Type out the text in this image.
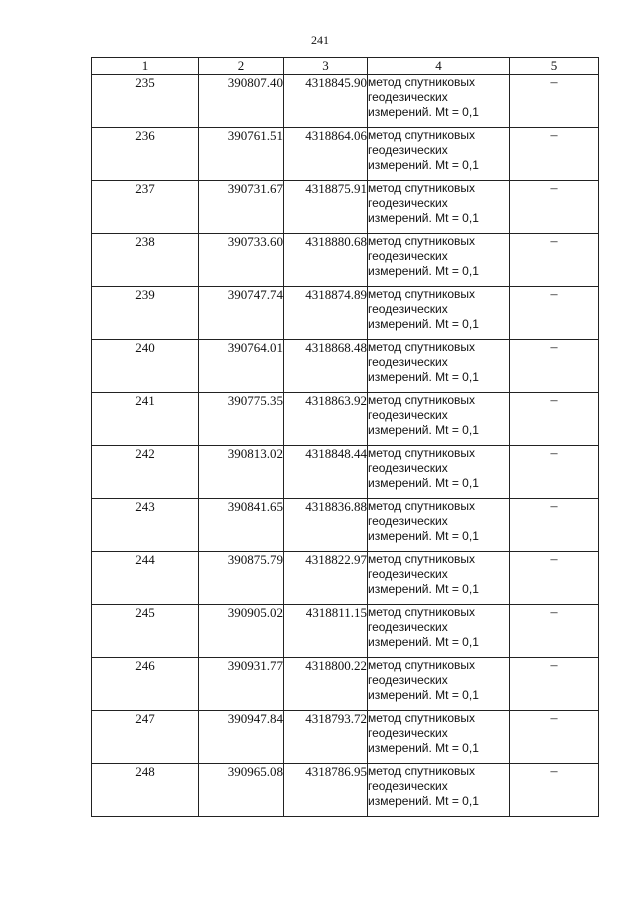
241
1	2	3	4	5
235	390807.40	4318845.90	метод спутниковых
геодезических
измерений. Mt = 0,1	–
236	390761.51	4318864.06	метод спутниковых
геодезических
измерений. Mt = 0,1	–
237	390731.67	4318875.91	метод спутниковых
геодезических
измерений. Mt = 0,1	–
238	390733.60	4318880.68	метод спутниковых
геодезических
измерений. Mt = 0,1	–
239	390747.74	4318874.89	метод спутниковых
геодезических
измерений. Mt = 0,1	–
240	390764.01	4318868.48	метод спутниковых
геодезических
измерений. Mt = 0,1	–
241	390775.35	4318863.92	метод спутниковых
геодезических
измерений. Mt = 0,1	–
242	390813.02	4318848.44	метод спутниковых
геодезических
измерений. Mt = 0,1	–
243	390841.65	4318836.88	метод спутниковых
геодезических
измерений. Mt = 0,1	–
244	390875.79	4318822.97	метод спутниковых
геодезических
измерений. Mt = 0,1	–
245	390905.02	4318811.15	метод спутниковых
геодезических
измерений. Mt = 0,1	–
246	390931.77	4318800.22	метод спутниковых
геодезических
измерений. Mt = 0,1	–
247	390947.84	4318793.72	метод спутниковых
геодезических
измерений. Mt = 0,1	–
248	390965.08	4318786.95	метод спутниковых
геодезических
измерений. Mt = 0,1	–
